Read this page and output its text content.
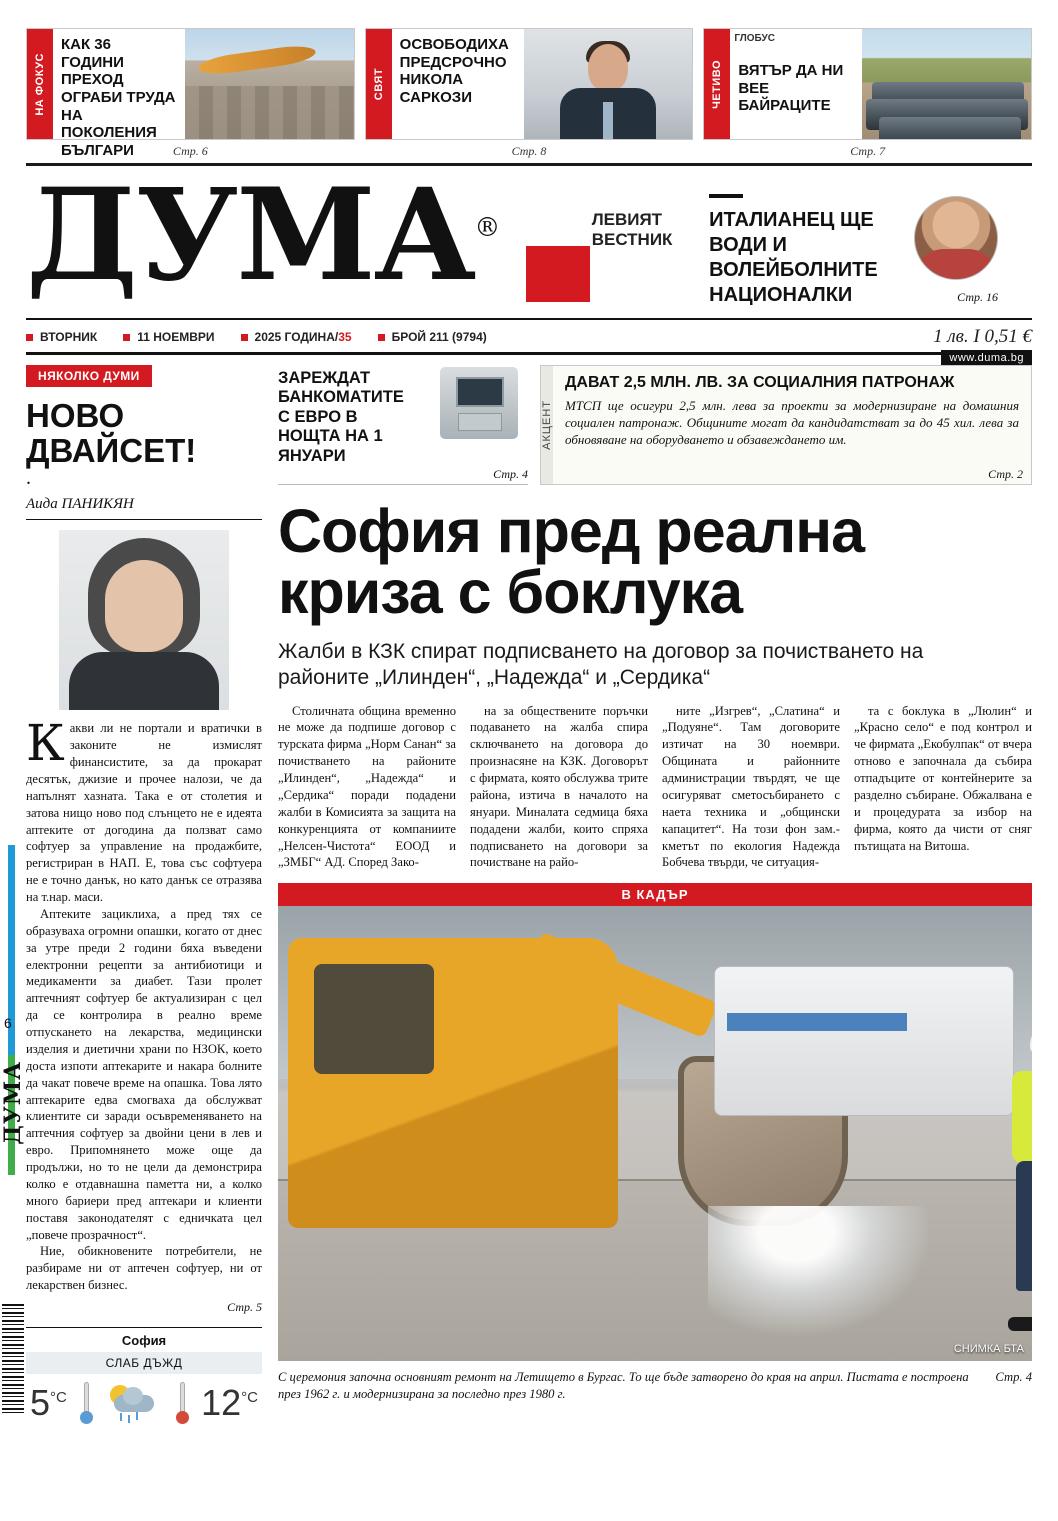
НА ФОКУС
КАК 36 ГОДИНИ ПРЕХОД ОГРАБИ ТРУДА НА ПОКОЛЕНИЯ БЪЛГАРИ
СВЯТ
ОСВОБОДИХА ПРЕДСРОЧНО НИКОЛА САРКОЗИ	ЧЕТИВО
ГЛОБУС
ВЯТЪР ДА НИ ВЕЕ БАЙРАЦИТЕ
Стр. 6	Стр. 8	Стр. 7
ДУМА®	ЛЕВИЯТ
ВЕСТНИК
ИТАЛИАНЕЦ ЩЕ ВОДИ И ВОЛЕЙБОЛНИТЕ НАЦИОНАЛКИ	Стр. 16
ВТОРНИК	11 НОЕМВРИ	2025 ГОДИНА/35	БРОЙ 211 (9794)	1 лв. I 0,51 €
www.duma.bg
6
ДУМА
НЯКОЛКО ДУМИ
НОВО ДВАЙСЕТ!
.
Аида ПАНИКЯН

Какви ли не портали и вратички в законите не измислят финансистите, за да прокарат десятък, джизие и прочее налози, че да напълнят хазната. Така е от столетия и затова нищо ново под слънцето не е идеята аптеките от догодина да ползват само софтуер за управление на продажбите, регистриран в НАП. Е, това със софтуера не е точно данък, но като данък се отразява на т.нар. маси.

Аптеките зациклиха, а пред тях се образуваха огромни опашки, когато от днес за утре преди 2 години бяха въведени електронни рецепти за антибиотици и медикаменти за диабет. Тази пролет аптечният софтуер бе актуализиран с цел да се контролира в реално време отпускането на лекарства, медицински изделия и диетични храни по НЗОК, което доста изпоти аптекарите и накара болните да чакат повече време на опашка. Това лято аптекарите едва смогваха да обслужват клиентите си заради осъвременяването на аптечния софтуер за двойни цени в лев и евро. Припомнянето може още да продължи, но то не цели да демонстрира колко е отдавнашна паметта ни, а колко много бариери пред аптекари и клиенти поставя законодателят с едничката цел „повече прозрачност“.

Ние, обикновените потребители, не разбираме ни от аптечен софтуер, ни от лекарствен бизнес.

Стр. 5
София
СЛАБ ДЪЖД
$5^{^\circ C}$	$12^{^\circ C}$
ЗАРЕЖДАТ БАНКОМАТИТЕ С ЕВРО В НОЩТА НА 1 ЯНУАРИ
Стр. 4
АКЦЕНТ
ДАВАТ 2,5 МЛН. ЛВ. ЗА СОЦИАЛНИЯ ПАТРОНАЖ
МТСП ще осигури 2,5 млн. лева за проекти за модернизиране на домашния социален патронаж. Общините могат да кандидатстват за до 45 хил. лева за обновяване на оборудването и обзавеждането им.
Стр. 2
София пред реална
криза с боклука
Жалби в КЗК спират подписването на договор за почистването на районите „Илинден“, „Надежда“ и „Сердика“

Столичната община временно не може да подпише договор с турската фирма „Норм Санан“ за почистването на районите „Илинден“, „Надежда“ и „Сердика“ поради подадени жалби в Комисията за защита на конкуренцията от компаниите „Нелсен-Чистота“ ЕООД и „ЗМБГ“ АД. Според Зако-

на за обществените поръчки подаването на жалба спира сключването на договора до произнасяне на КЗК. Договорът с фирмата, която обслужва трите района, изтича в началото на януари. Миналата седмица бяха подадени жалби, които спряха подписването на договори за почистване на райо-

ните „Изгрев“, „Слатина“ и „Подуяне“. Там договорите изтичат на 30 ноември. Общината и районните администрации твърдят, че ще осигуряват сметосъбирането с наета техника и „общински капацитет“. На този фон зам.-кметът по екология Надежда Бобчева твърди, че ситуация-

та с боклука в „Люлин“ и „Красно село“ е под контрол и че фирмата „Екобулпак“ от вчера отново е започнала да събира отпадъците от контейнерите за разделно събиране. Обжалвана е и процедурата за избор на фирма, която да чисти от сняг пътищата на Витоша.

В КАДЪР
СНИМКА БТА
С церемония започна основният ремонт на Летището в Бургас. То ще бъде затворено до края на април. Пистата е построена през 1962 г. и модернизирана за последно през 1980 г.
Стр. 4
